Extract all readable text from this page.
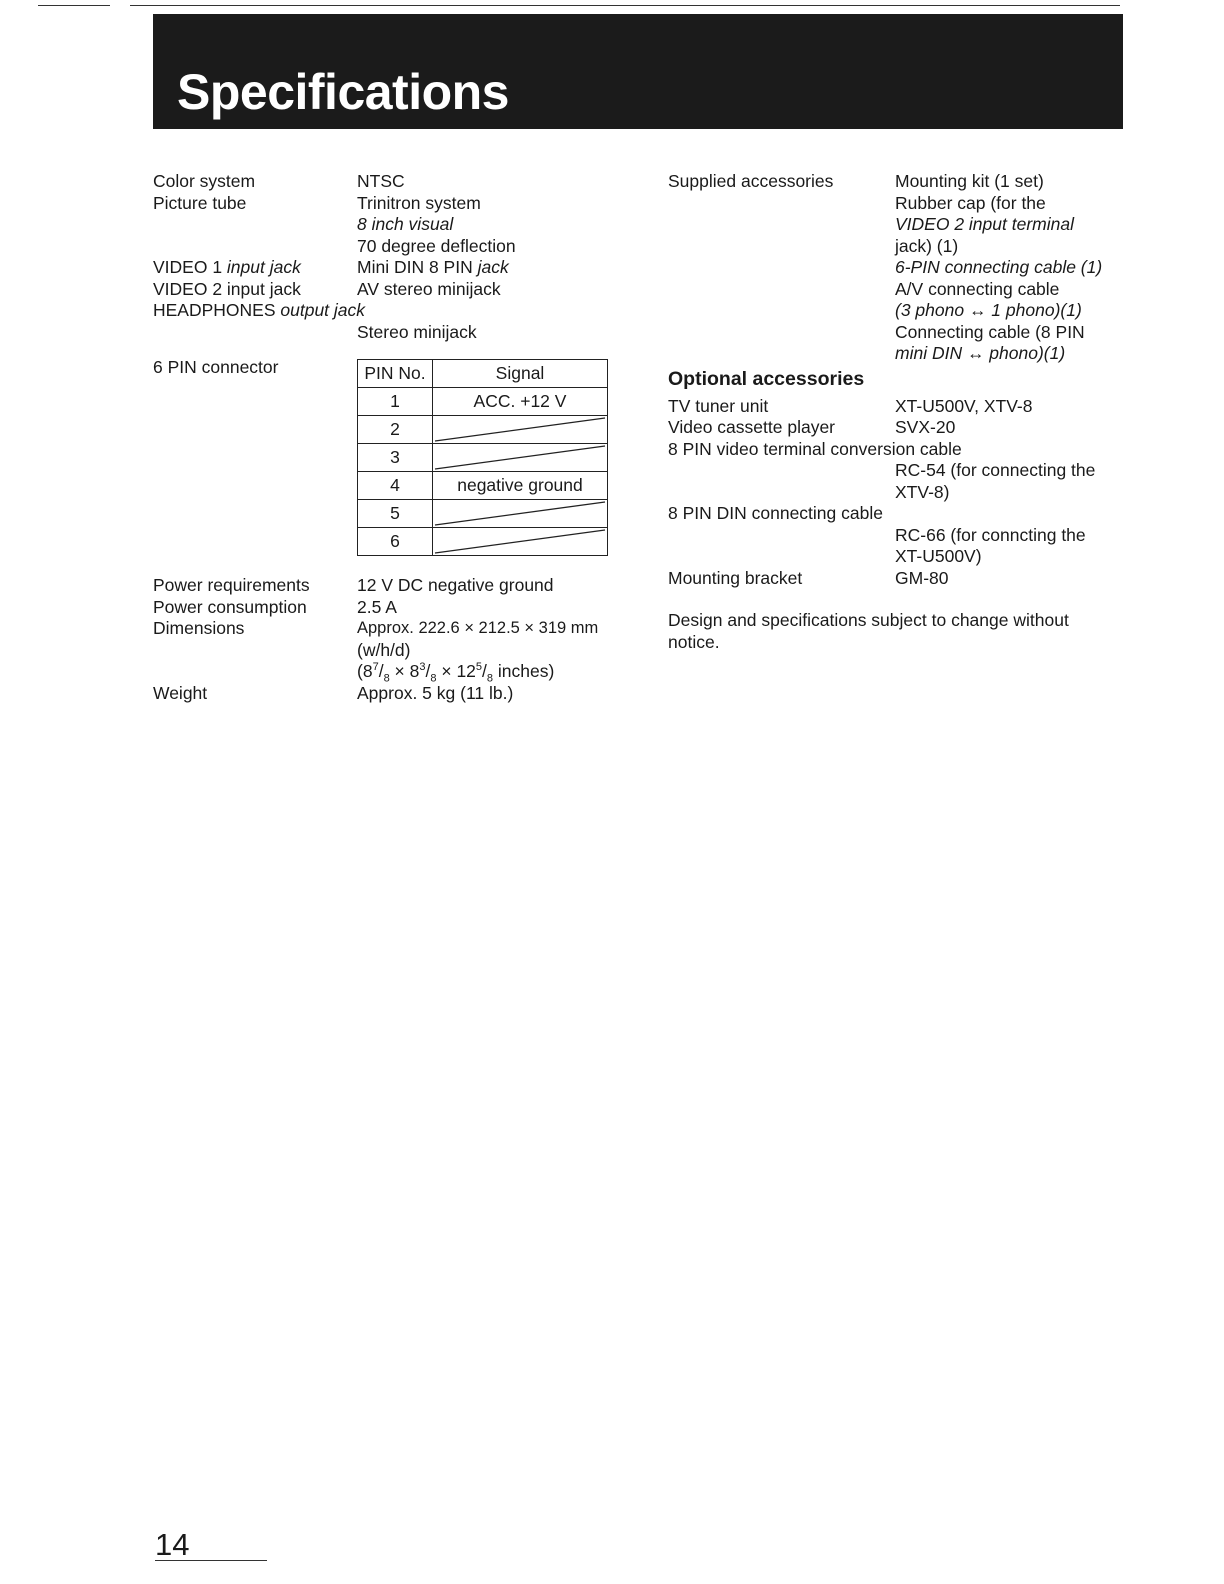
Specifications
Color system	NTSC
Picture tube	Trinitron system
8 inch visual
70 degree deflection
VIDEO 1 input jack	Mini DIN 8 PIN jack
VIDEO 2 input jack	AV stereo minijack
HEADPHONES output jack
Stereo minijack
6 PIN connector	PIN No.	Signal
1	ACC. +12 V
2	

3	

4	negative ground
5	

6	
Power requirements	12 V DC negative ground
Power consumption	2.5 A
Dimensions	Approx. 222.6 × 212.5 × 319 mm
(w/h/d)
($8^7/_8 \times 8^3/_8 \times 12^5/_8$ inches)
Weight	Approx. 5 kg (11 lb.)
Supplied accessories	Mounting kit (1 set)
Rubber cap (for the
VIDEO 2 input terminal
jack) (1)
6-PIN connecting cable (1)
A/V connecting cable
(3 phono ↔ 1 phono)(1)
Connecting cable (8 PIN
mini DIN ↔ phono)(1)
Optional accessories
TV tuner unit	XT-U500V, XTV-8
Video cassette player	SVX-20
8 PIN video terminal conversion cable
RC-54 (for connecting the
XTV-8)
8 PIN DIN connecting cable
RC-66 (for conncting the
XT-U500V)
Mounting bracket	GM-80
Design and specifications subject to change without
notice.
14
